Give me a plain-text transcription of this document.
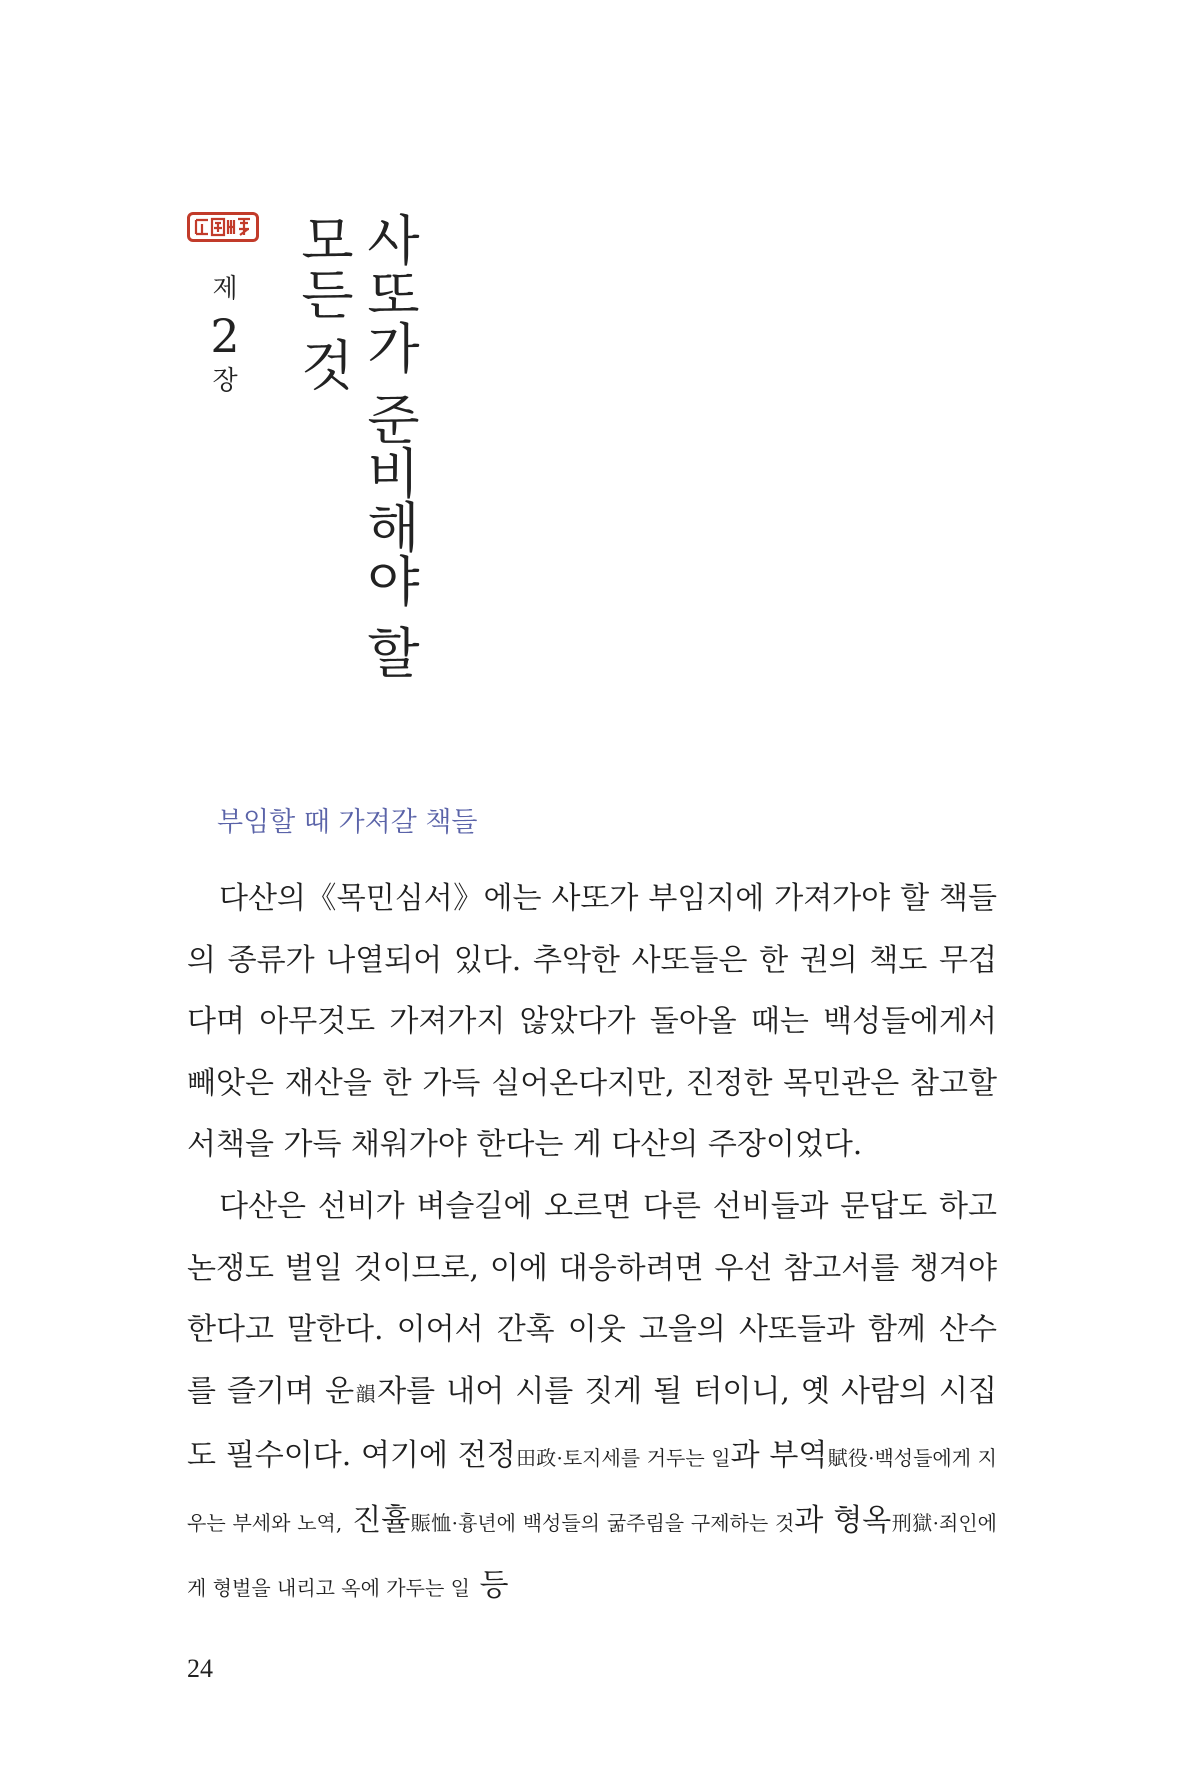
제
2
장 사또가 준비해야 할
모든 것
부임할 때 가져갈 책들

다산의《목민심서》에는 사또가 부임지에 가져가야 할 책들의 종류가 나열되어 있다. 추악한 사또들은 한 권의 책도 무겁다며 아무것도 가져가지 않았다가 돌아올 때는 백성들에게서 빼앗은 재산을 한 가득 실어온다지만, 진정한 목민관은 참고할 서책을 가득 채워가야 한다는 게 다산의 주장이었다.

다산은 선비가 벼슬길에 오르면 다른 선비들과 문답도 하고 논쟁도 벌일 것이므로, 이에 대응하려면 우선 참고서를 챙겨야 한다고 말한다. 이어서 간혹 이웃 고을의 사또들과 함께 산수를 즐기며 운韻자를 내어 시를 짓게 될 터이니, 옛 사람의 시집도 필수이다. 여기에 전정田政·토지세를 거두는 일과 부역賦役·백성들에게 지우는 부세와 노역, 진휼賑恤·흉년에 백성들의 굶주림을 구제하는 것과 형옥刑獄·죄인에게 형벌을 내리고 옥에 가두는 일 등

24
